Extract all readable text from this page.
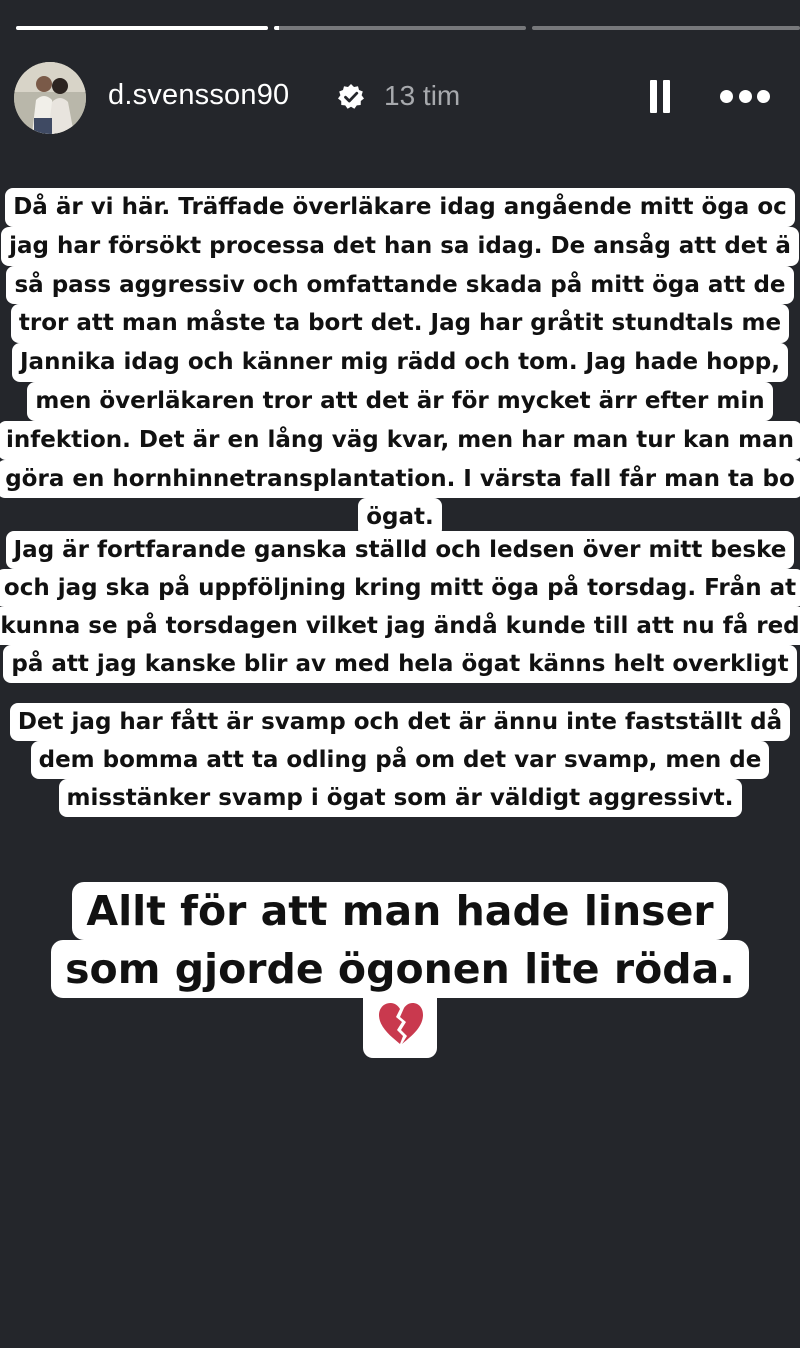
d.svensson90	13 tim
Då är vi här. Träffade överläkare idag angående mitt öga oc
jag har försökt processa det han sa idag. De ansåg att det ä
så pass aggressiv och omfattande skada på mitt öga att de
tror att man måste ta bort det. Jag har gråtit stundtals me
Jannika idag och känner mig rädd och tom. Jag hade hopp,
men överläkaren tror att det är för mycket ärr efter min
infektion. Det är en lång väg kvar, men har man tur kan man
göra en hornhinnetransplantation. I värsta fall får man ta bo
ögat.
Jag är fortfarande ganska ställd och ledsen över mitt beske
och jag ska på uppföljning kring mitt öga på torsdag. Från at
kunna se på torsdagen vilket jag ändå kunde till att nu få red
på att jag kanske blir av med hela ögat känns helt overkligt
Det jag har fått är svamp och det är ännu inte fastställt då
dem bomma att ta odling på om det var svamp, men de
misstänker svamp i ögat som är väldigt aggressivt.
Allt för att man hade linser
som gjorde ögonen lite röda.
